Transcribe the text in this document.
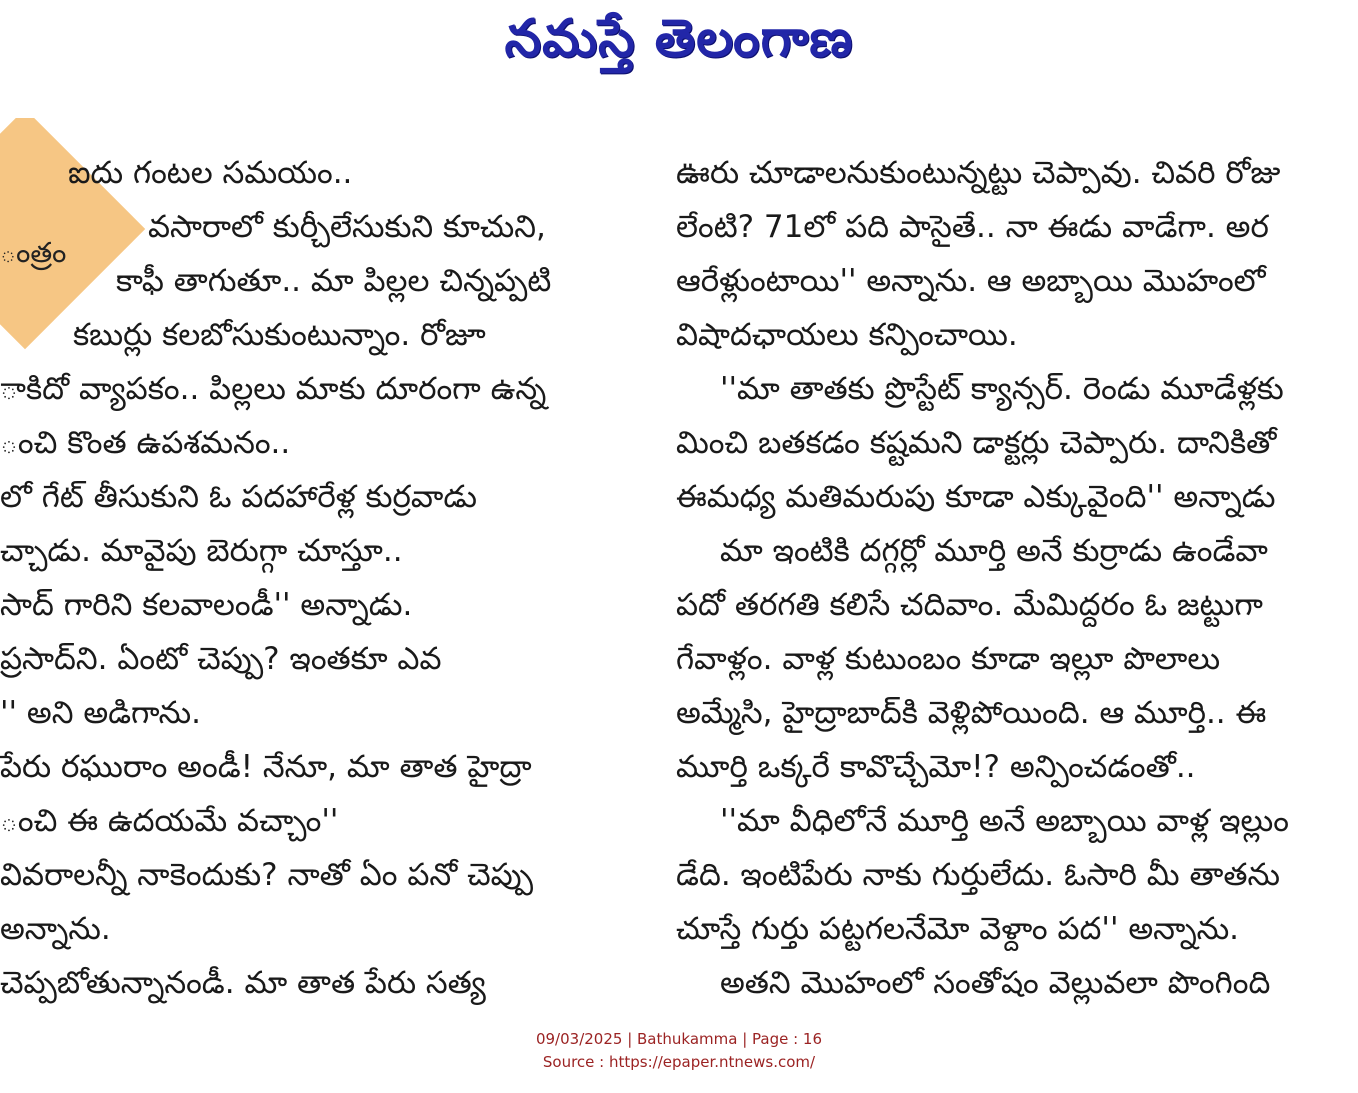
నమస్తే తెలంగాణ
ంత్రం
ఐదు గంటల సమయం..
వసారాలో కుర్చీలేసుకుని కూచుని,
కాఫీ తాగుతూ.. మా పిల్లల చిన్నప్పటి
కబుర్లు కలబోసుకుంటున్నాం. రోజూ
ాకిదో వ్యాపకం.. పిల్లలు మాకు దూరంగా ఉన్న
ంచి కొంత ఉపశమనం..
లో గేట్ తీసుకుని ఓ పదహారేళ్ల కుర్రవాడు
చ్చాడు. మావైపు బెరుగ్గా చూస్తూ..
సాద్ గారిని కలవాలండీ'' అన్నాడు.
ప్రసాద్‌ని. ఏంటో చెప్పు? ఇంతకూ ఎవ
'' అని అడిగాను.
పేరు రఘురాం అండీ! నేనూ, మా తాత హైద్రా
ంచి ఈ ఉదయమే వచ్చాం''
వివరాలన్నీ నాకెందుకు? నాతో ఏం పనో చెప్పు
అన్నాను.
చెప్పబోతున్నానండీ. మా తాత పేరు సత్య
ఊరు చూడాలనుకుంటున్నట్టు చెప్పావు. చివరి రోజు
లేంటి? 71లో పది పాసైతే.. నా ఈడు వాడేగా. అర
ఆరేళ్లుంటాయి'' అన్నాను. ఆ అబ్బాయి మొహంలో
విషాదఛాయలు కన్పించాయి.
''మా తాతకు ప్రొస్టేట్ క్యాన్సర్. రెండు మూడేళ్లకు
మించి బతకడం కష్టమని డాక్టర్లు చెప్పారు. దానికితో
ఈమధ్య మతిమరుపు కూడా ఎక్కువైంది'' అన్నాడు
మా ఇంటికి దగ్గర్లో మూర్తి అనే కుర్రాడు ఉండేవా
పదో తరగతి కలిసే చదివాం. మేమిద్దరం ఓ జట్టుగా
గేవాళ్లం. వాళ్ల కుటుంబం కూడా ఇల్లూ పొలాలు
అమ్మేసి, హైద్రాబాద్‌కి వెళ్లిపోయింది. ఆ మూర్తి.. ఈ
మూర్తి ఒక్కరే కావొచ్చేమో!? అన్పించడంతో..
''మా వీధిలోనే మూర్తి అనే అబ్బాయి వాళ్ల ఇల్లుం
డేది. ఇంటిపేరు నాకు గుర్తులేదు. ఓసారి మీ తాతను
చూస్తే గుర్తు పట్టగలనేమో వెళ్దాం పద'' అన్నాను.
అతని మొహంలో సంతోషం వెల్లువలా పొంగింది
09/03/2025 | Bathukamma | Page : 16
Source : https://epaper.ntnews.com/
